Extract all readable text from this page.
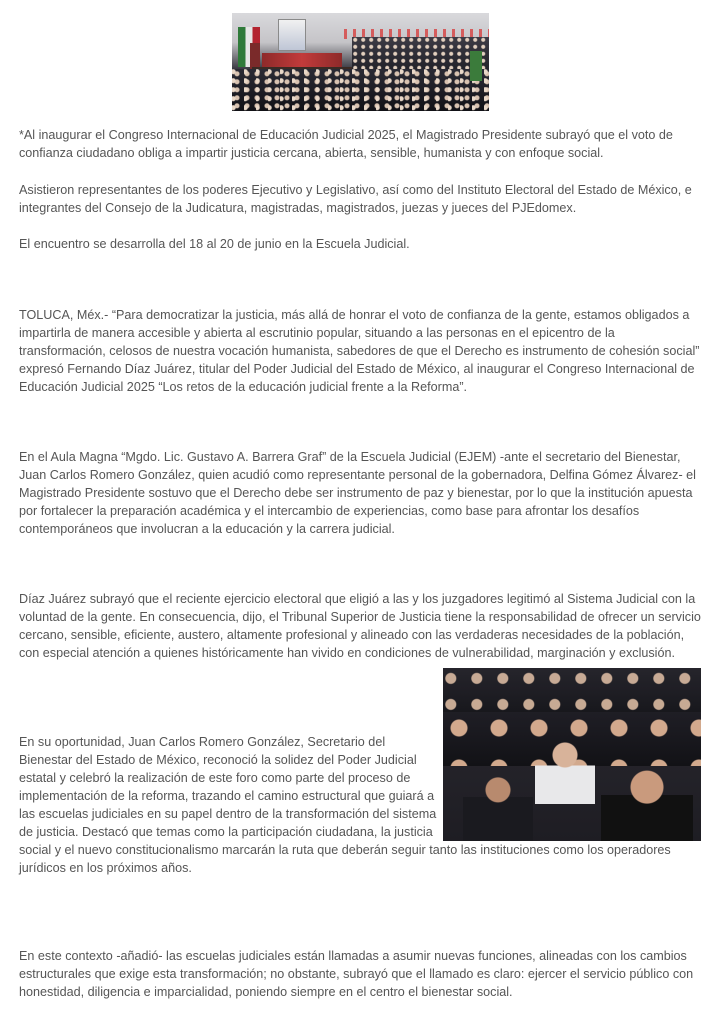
*Al inaugurar el Congreso Internacional de Educación Judicial 2025, el Magistrado Presidente subrayó que el voto de confianza ciudadano obliga a impartir justicia cercana, abierta, sensible, humanista y con enfoque social.

Asistieron representantes de los poderes Ejecutivo y Legislativo, así como del Instituto Electoral del Estado de México, e integrantes del Consejo de la Judicatura, magistradas, magistrados, juezas y jueces del PJEdomex.

El encuentro se desarrolla del 18 al 20 de junio en la Escuela Judicial.

TOLUCA, Méx.- “Para democratizar la justicia, más allá de honrar el voto de confianza de la gente, estamos obligados a impartirla de manera accesible y abierta al escrutinio popular, situando a las personas en el epicentro de la transformación, celosos de nuestra vocación humanista, sabedores de que el Derecho es instrumento de cohesión social” expresó Fernando Díaz Juárez, titular del Poder Judicial del Estado de México, al inaugurar el Congreso Internacional de Educación Judicial 2025 “Los retos de la educación judicial frente a la Reforma”.

En el Aula Magna “Mgdo. Lic. Gustavo A. Barrera Graf” de la Escuela Judicial (EJEM) -ante el secretario del Bienestar, Juan Carlos Romero González, quien acudió como representante personal de la gobernadora, Delfina Gómez Álvarez- el Magistrado Presidente sostuvo que el Derecho debe ser instrumento de paz y bienestar, por lo que la institución apuesta por fortalecer la preparación académica y el intercambio de experiencias, como base para afrontar los desafíos contemporáneos que involucran a la educación y la carrera judicial.

Díaz Juárez subrayó que el reciente ejercicio electoral que eligió a las y los juzgadores legitimó al Sistema Judicial con la voluntad de la gente. En consecuencia, dijo, el Tribunal Superior de Justicia tiene la responsabilidad de ofrecer un servicio cercano, sensible, eficiente, austero, altamente profesional y alineado con las verdaderas necesidades de la población, con especial atención a quienes históricamente han vivido en condiciones de vulnerabilidad, marginación y exclusión.

En su oportunidad, Juan Carlos Romero González, Secretario del Bienestar del Estado de México, reconoció la solidez del Poder Judicial estatal y celebró la realización de este foro como parte del proceso de implementación de la reforma, trazando el camino estructural que guiará a las escuelas judiciales en su papel dentro de la transformación del sistema de justicia. Destacó que temas como la participación ciudadana, la justicia social y el nuevo constitucionalismo marcarán la ruta que deberán seguir tanto las instituciones como los operadores jurídicos en los próximos años.

En este contexto -añadió- las escuelas judiciales están llamadas a asumir nuevas funciones, alineadas con los cambios estructurales que exige esta transformación; no obstante, subrayó que el llamado es claro: ejercer el servicio público con honestidad, diligencia e imparcialidad, poniendo siempre en el centro el bienestar social.
